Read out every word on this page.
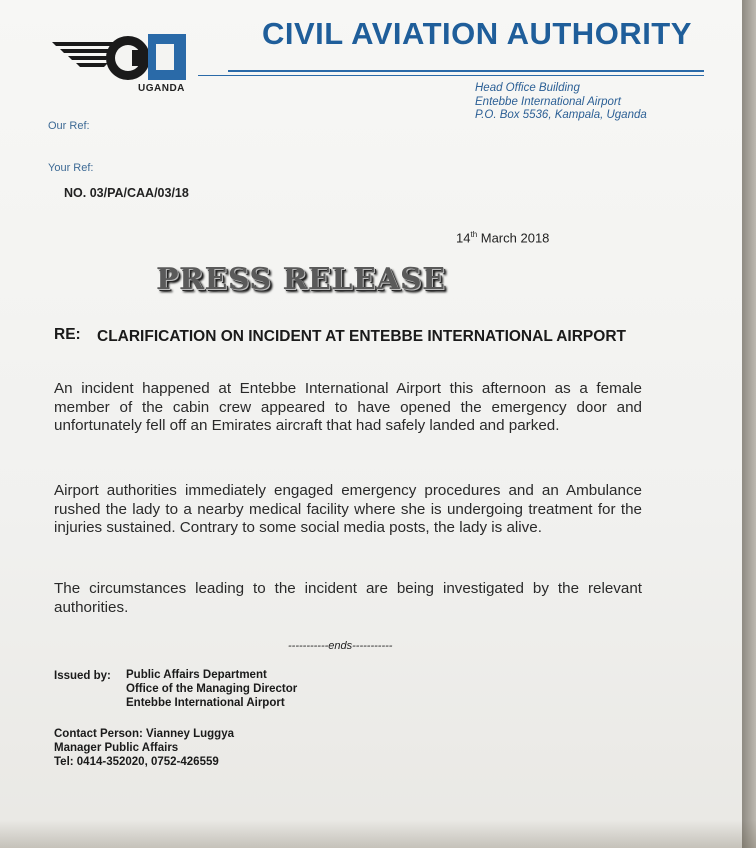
UGANDA
CIVIL AVIATION AUTHORITY
Head Office Building
Entebbe International Airport
P.O. Box 5536, Kampala, Uganda
Our Ref:
Your Ref:
NO. 03/PA/CAA/03/18
14th March 2018
PRESS RELEASE
RE: CLARIFICATION ON INCIDENT AT ENTEBBE INTERNATIONAL AIRPORT
An incident happened at Entebbe International Airport this afternoon as a female member of the cabin crew appeared to have opened the emergency door and unfortunately fell off an Emirates aircraft that had safely landed and parked.
Airport authorities immediately engaged emergency procedures and an Ambulance rushed the lady to a nearby medical facility where she is undergoing treatment for the injuries sustained. Contrary to some social media posts, the lady is alive.
The circumstances leading to the incident are being investigated by the relevant authorities.
-----------ends-----------
Issued by: Public Affairs Department
Office of the Managing Director
Entebbe International Airport
Contact Person: Vianney Luggya
Manager Public Affairs
Tel: 0414-352020, 0752-426559
